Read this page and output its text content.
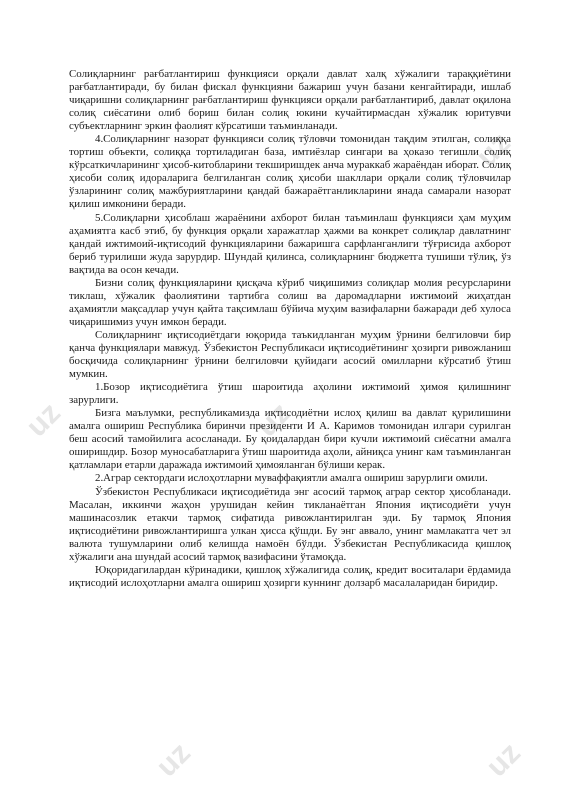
uz
uz	uz
uz	uz

Солиқларнинг рағбатлантириш функцияси орқали давлат халқ хўжалиги тараққиётини рағбатлантиради, бу билан фискал функцияни бажариш учун базани кенгайтиради, ишлаб чиқаришни солиқларнинг рағбатлантириш функцияси орқали рағбатлантириб, давлат оқилона солиқ сиёсатини олиб бориш билан солиқ юкини кучайтирмасдан хўжалик юритувчи субъектларнинг эркин фаолият кўрсатиши таъминланади.

4.Солиқларнинг назорат функцияси солиқ тўловчи томонидан тақдим этилган, солиққа тортиш объекти, солиққа тортиладиган база, имтиёзлар сингари ва ҳоказо тегишли солиқ кўрсаткичларининг ҳисоб-китобларини текширишдек анча мураккаб жараёндан иборат. Солиқ ҳисоби солиқ идораларига белгиланган солиқ ҳисоби шакллари орқали солиқ тўловчилар ўзларининг солиқ мажбуриятларини қандай бажараётганликларини янада самарали назорат қилиш имконини беради.

5.Солиқларни ҳисоблаш жараёнини ахборот билан таъминлаш функцияси ҳам муҳим аҳамиятга касб этиб, бу функция орқали харажатлар ҳажми ва конкрет солиқлар давлатнинг қандай ижтимоий-иқтисодий функцияларини бажаришга сарфланганлиги тўғрисида ахборот бериб турилиши жуда зарурдир. Шундай қилинса, солиқларнинг бюджетга тушиши тўлиқ, ўз вақтида ва осон кечади.

Бизни солиқ функцияларини қисқача кўриб чиқишимиз солиқлар молия ресурсларини тиклаш, хўжалик фаолиятини тартибга солиш ва даромадларни ижтимоий жиҳатдан аҳамиятли мақсадлар учун қайта тақсимлаш бўйича муҳим вазифаларни бажаради деб хулоса чиқаришимиз учун имкон беради.

Солиқларнинг иқтисодиётдаги юқорида таъкидланган муҳим ўрнини белгиловчи бир қанча функциялари мавжуд. Ўзбекистон Республикаси иқтисодиётининг ҳозирги ривожланиш босқичида солиқларнинг ўрнини белгиловчи қуйидаги асосий омилларни кўрсатиб ўтиш мумкин.

1.Бозор иқтисодиётига ўтиш шароитида аҳолини ижтимоий ҳимоя қилишнинг зарурлиги.

Бизга маълумки, республикамизда иқтисодиётни ислоҳ қилиш ва давлат қурилишини амалга ошириш Республика биринчи президенти И А. Каримов томонидан илгари сурилган беш асосий тамойилига асосланади. Бу қоидалардан бири кучли ижтимоий сиёсатни амалга оширишдир. Бозор муносабатларига ўтиш шароитида аҳоли, айниқса унинг кам таъминланган қатламлари етарли даражада ижтимоий ҳимояланган бўлиши керак.

2.Аграр сектордаги ислоҳотларни муваффақиятли амалга ошириш зарурлиги омили.

Ўзбекистон Республикаси иқтисодиётида энг асосий тармоқ аграр сектор ҳисобланади. Масалан, иккинчи жаҳон урушидан кейин тикланаётган Япония иқтисодиёти учун машинасозлик етакчи тармоқ сифатида ривожлантирилган эди. Бу тармоқ Япония иқтисодиётини ривожлантиришга улкан ҳисса қўшди. Бу энг аввало, унинг мамлакатга чет эл валюта тушумларини олиб келишда намоён бўлди. Ўзбекистан Республикасида қишлоқ хўжалиги ана шундай асосий тармоқ вазифасини ўтамоқда.

Юқоридагилардан кўринадики, қишлоқ хўжалигида солиқ, кредит воситалари ёрдамида иқтисодий ислоҳотларни амалга ошириш ҳозирги куннинг долзарб масалаларидан биридир.
